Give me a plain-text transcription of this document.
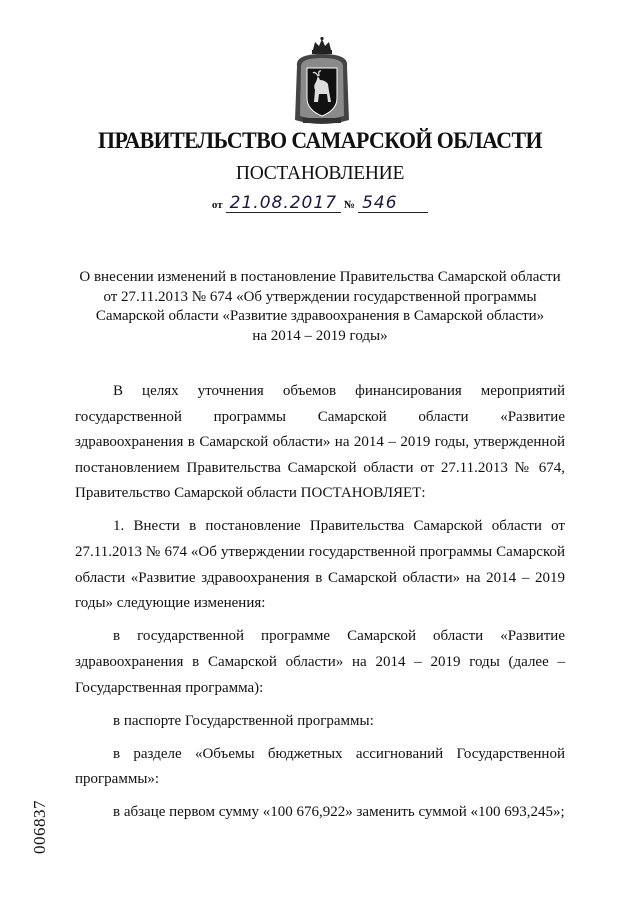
ПРАВИТЕЛЬСТВО САМАРСКОЙ ОБЛАСТИ
ПОСТАНОВЛЕНИЕ
от 21.08.2017 № 546
О внесении изменений в постановление Правительства Самарской области
от 27.11.2013 № 674 «Об утверждении государственной программы
Самарской области «Развитие здравоохранения в Самарской области»
на 2014 – 2019 годы»

В целях уточнения объемов финансирования мероприятий государственной программы Самарской области «Развитие здравоохранения в Самарской области» на 2014 – 2019 годы, утвержденной постановлением Правительства Самарской области от 27.11.2013 № 674, Правительство Самарской области ПОСТАНОВЛЯЕТ:

1. Внести в постановление Правительства Самарской области от 27.11.2013 № 674 «Об утверждении государственной программы Самарской области «Развитие здравоохранения в Самарской области» на 2014 – 2019 годы» следующие изменения:

в государственной программе Самарской области «Развитие здравоохранения в Самарской области» на 2014 – 2019 годы (далее – Государственная программа):

в паспорте Государственной программы:

в разделе «Объемы бюджетных ассигнований Государственной программы»:

в абзаце первом сумму «100 676,922» заменить суммой «100 693,245»;

006837
